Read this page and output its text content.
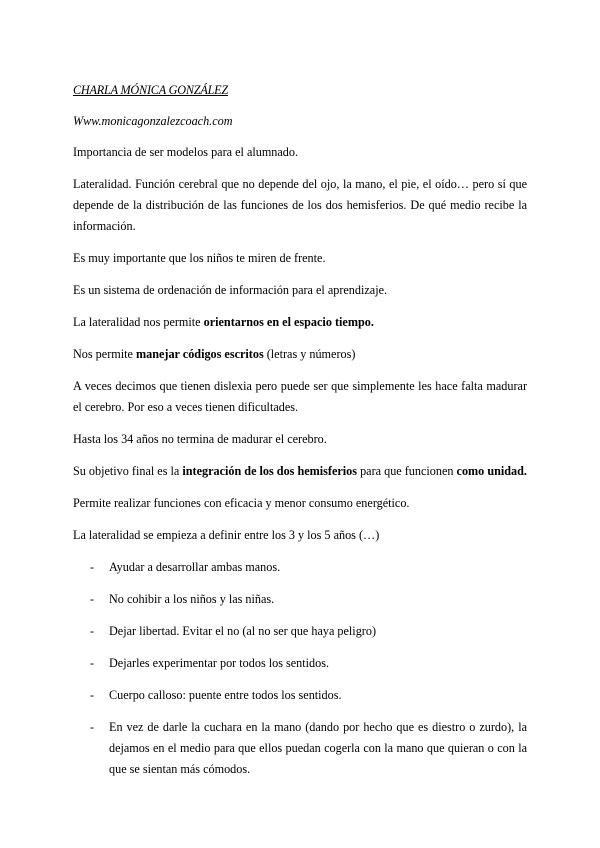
CHARLA MÓNICA GONZÁLEZ

Www.monicagonzalezcoach.com

Importancia de ser modelos para el alumnado.

Lateralidad. Función cerebral que no depende del ojo, la mano, el pie, el oído… pero sí que depende de la distribución de las funciones de los dos hemisferios. De qué medio recibe la información.

Es muy importante que los niños te miren de frente.

Es un sistema de ordenación de información para el aprendizaje.

La lateralidad nos permite orientarnos en el espacio tiempo.

Nos permite manejar códigos escritos (letras y números)

A veces decimos que tienen dislexia pero puede ser que simplemente les hace falta madurar el cerebro. Por eso a veces tienen dificultades.

Hasta los 34 años no termina de madurar el cerebro.

Su objetivo final es la integración de los dos hemisferios para que funcionen como unidad.

Permite realizar funciones con eficacia y menor consumo energético.

La lateralidad se empieza a definir entre los 3 y los 5 años (…)

- Ayudar a desarrollar ambas manos.
- No cohibir a los niños y las niñas.
- Dejar libertad. Evitar el no (al no ser que haya peligro)
- Dejarles experimentar por todos los sentidos.
- Cuerpo calloso: puente entre todos los sentidos.
- En vez de darle la cuchara en la mano (dando por hecho que es diestro o zurdo), la dejamos en el medio para que ellos puedan cogerla con la mano que quieran o con la que se sientan más cómodos.
